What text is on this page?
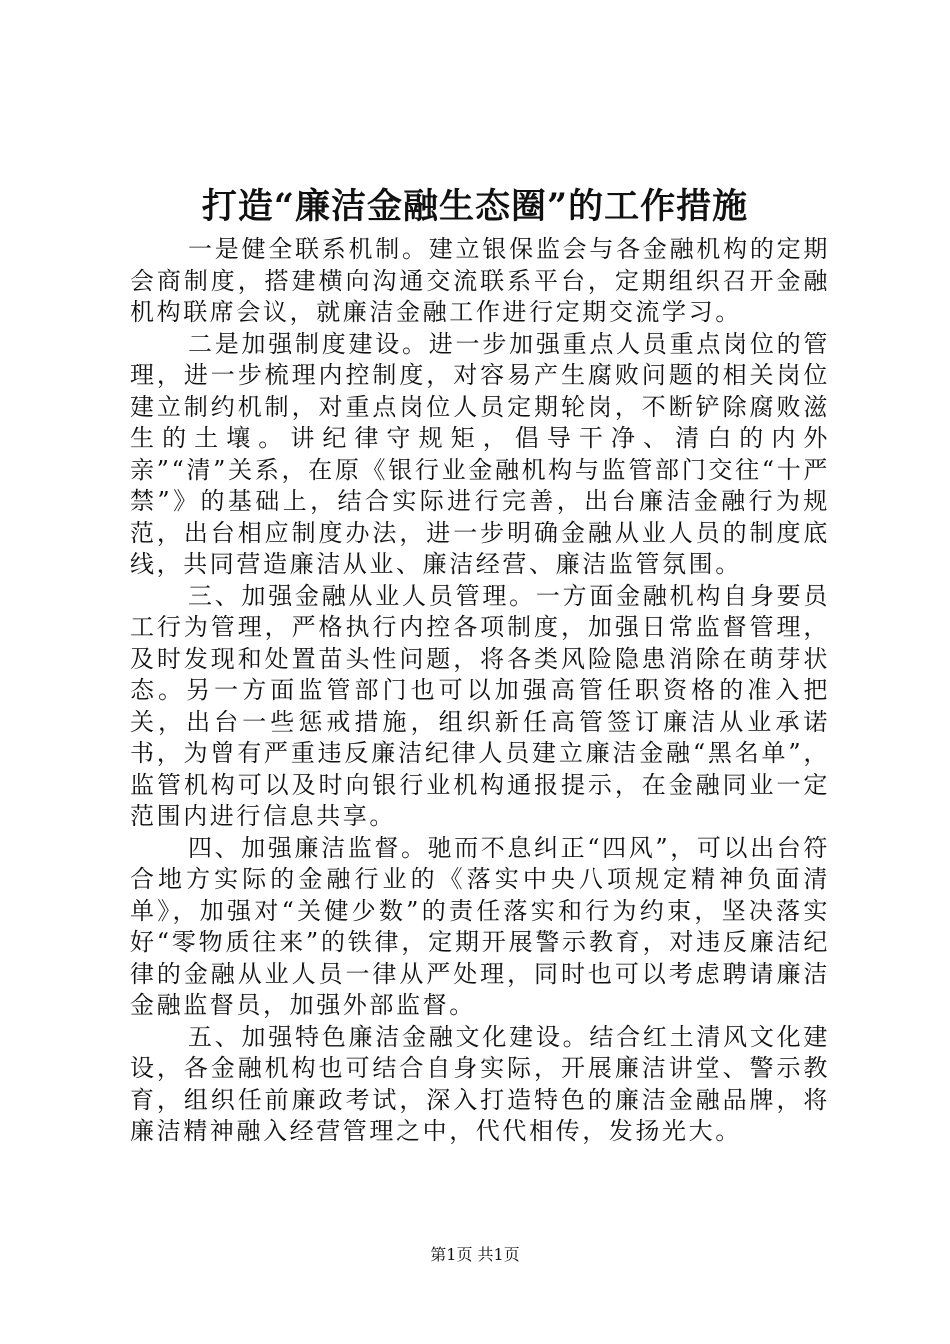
打造“廉洁金融生态圈”的工作措施

一是健全联系机制。建立银保监会与各金融机构的定期会商制度，搭建横向沟通交流联系平台，定期组织召开金融机构联席会议，就廉洁金融工作进行定期交流学习。

二是加强制度建设。进一步加强重点人员重点岗位的管理，进一步梳理内控制度，对容易产生腐败问题的相关岗位建立制约机制，对重点岗位人员定期轮岗，不断铲除腐败滋生的土壤。讲纪律守规矩，倡导干净、清白的内外亲”“清”关系，在原《银行业金融机构与监管部门交往“十严禁”》的基础上，结合实际进行完善，出台廉洁金融行为规范，出台相应制度办法，进一步明确金融从业人员的制度底线，共同营造廉洁从业、廉洁经营、廉洁监管氛围。

三、加强金融从业人员管理。一方面金融机构自身要员工行为管理，严格执行内控各项制度，加强日常监督管理，及时发现和处置苗头性问题，将各类风险隐患消除在萌芽状态。另一方面监管部门也可以加强高管任职资格的准入把关，出台一些惩戒措施，组织新任高管签订廉洁从业承诺书，为曾有严重违反廉洁纪律人员建立廉洁金融“黑名单”，监管机构可以及时向银行业机构通报提示，在金融同业一定范围内进行信息共享。

四、加强廉洁监督。驰而不息纠正“四风”，可以出台符合地方实际的金融行业的《落实中央八项规定精神负面清单》，加强对“关健少数”的责任落实和行为约束，坚决落实好“零物质往来”的铁律，定期开展警示教育，对违反廉洁纪律的金融从业人员一律从严处理，同时也可以考虑聘请廉洁金融监督员，加强外部监督。

五、加强特色廉洁金融文化建设。结合红土清风文化建设，各金融机构也可结合自身实际，开展廉洁讲堂、警示教育，组织任前廉政考试，深入打造特色的廉洁金融品牌，将廉洁精神融入经营管理之中，代代相传，发扬光大。

第1页 共1页
